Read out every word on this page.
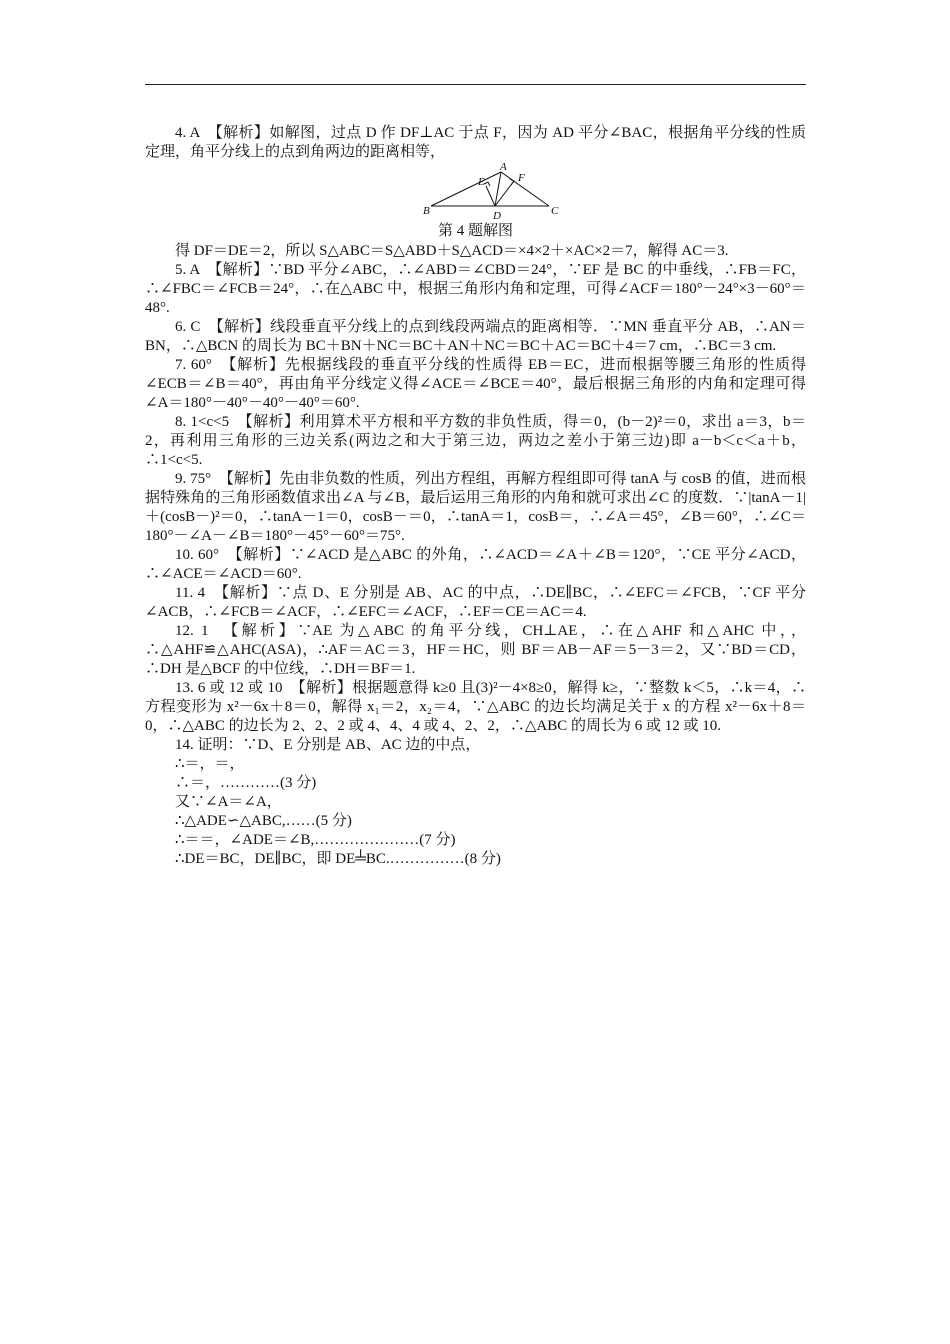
4. A　【解析】如解图，过点 D 作 DF⊥AC 于点 F，因为 AD 平分∠BAC，根据角平分线的性质定理，角平分线上的点到角两边的距离相等，

A
B	C
D
E	F
第 4 题解图

得 DF＝DE＝2，所以 S△ABC＝S△ABD＋S△ACD＝×4×2＋×AC×2＝7，解得 AC＝3.

5. A　【解析】∵BD 平分∠ABC，∴∠ABD＝∠CBD＝24°，∵EF 是 BC 的中垂线，∴FB＝FC，∴∠FBC＝∠FCB＝24°，∴在△ABC 中，根据三角形内角和定理，可得∠ACF＝180°－24°×3－60°＝48°.

6. C　【解析】线段垂直平分线上的点到线段两端点的距离相等．∵MN 垂直平分 AB，∴AN＝BN，∴△BCN 的周长为 BC＋BN＋NC＝BC＋AN＋NC＝BC＋AC＝BC＋4＝7 cm，∴BC＝3 cm.

7. 60°　【解析】先根据线段的垂直平分线的性质得 EB＝EC，进而根据等腰三角形的性质得∠ECB＝∠B＝40°，再由角平分线定义得∠ACE＝∠BCE＝40°，最后根据三角形的内角和定理可得∠A＝180°－40°－40°－40°＝60°.

8. 1<c<5　【解析】利用算术平方根和平方数的非负性质，得＝0，(b－2)²＝0，求出 a＝3，b＝2，再利用三角形的三边关系(两边之和大于第三边，两边之差小于第三边)即 a－b＜c＜a＋b，∴1<c<5.

9. 75°　【解析】先由非负数的性质，列出方程组，再解方程组即可得 tanA 与 cosB 的值，进而根据特殊角的三角形函数值求出∠A 与∠B，最后运用三角形的内角和就可求出∠C 的度数．∵|tanA－1|＋(cosB－)²＝0，∴tanA－1＝0，cosB－＝0，∴tanA＝1，cosB＝，∴∠A＝45°，∠B＝60°，∴∠C＝180°－∠A－∠B＝180°－45°－60°＝75°.

10. 60°　【解析】∵∠ACD 是△ABC 的外角，∴∠ACD＝∠A＋∠B＝120°，∵CE 平分∠ACD，∴∠ACE＝∠ACD＝60°.

11. 4　【解析】∵点 D、E 分别是 AB、AC 的中点，∴DE∥BC，∴∠EFC＝∠FCB，∵CF 平分∠ACB，∴∠FCB＝∠ACF，∴∠EFC＝∠ACF，∴EF＝CE＝AC＝4.

12. 1　【解析】∵AE 为△ABC 的角平分线，CH⊥AE，∴在△AHF 和△AHC 中，，∴△AHF≌△AHC(ASA)，∴AF＝AC＝3，HF＝HC，则 BF＝AB－AF＝5－3＝2，又∵BD＝CD，∴DH 是△BCF 的中位线，∴DH＝BF＝1.

13. 6 或 12 或 10　【解析】根据题意得 k≥0 且(3)²－4×8≥0，解得 k≥，∵整数 k＜5，∴k＝4，∴方程变形为 x²－6x＋8＝0，解得 x₁＝2，x₂＝4，∵△ABC 的边长均满足关于 x 的方程 x²－6x＋8＝0，∴△ABC 的边长为 2、2、2 或 4、4、4 或 4、2、2，∴△ABC 的周长为 6 或 12 或 10.

14. 证明：∵D、E 分别是 AB、AC 边的中点，

∴＝，＝，

∴＝，…………(3 分)

又∵∠A＝∠A，

∴△ADE∽△ABC,……(5 分)

∴＝＝，∠ADE＝∠B,…………………(7 分)

∴DE＝BC，DE∥BC，即 DE╧BC.……………(8 分)
